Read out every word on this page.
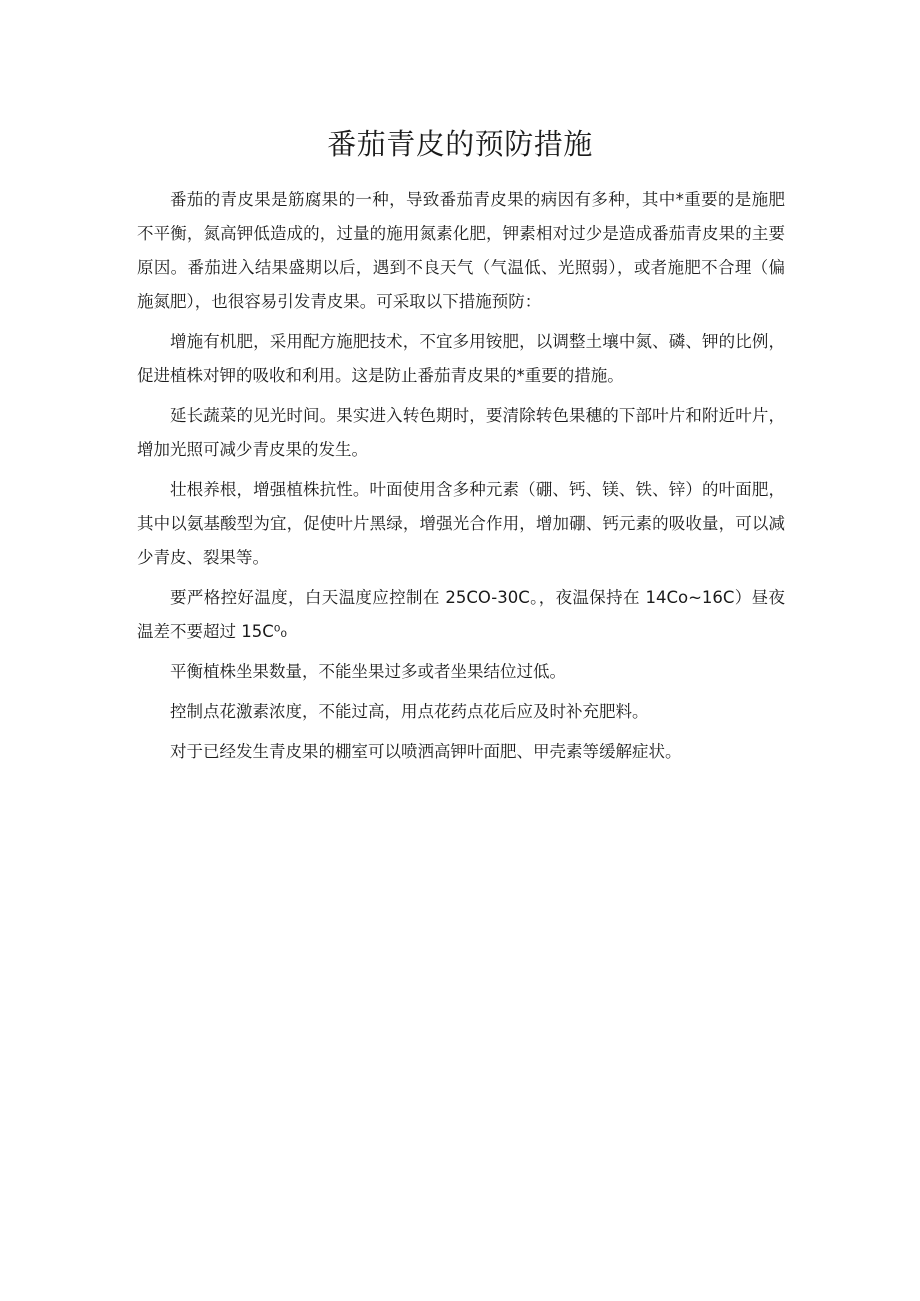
番茄青皮的预防措施

番茄的青皮果是筋腐果的一种，导致番茄青皮果的病因有多种，其中*重要的是施肥不平衡，氮高钾低造成的，过量的施用氮素化肥，钾素相对过少是造成番茄青皮果的主要原因。番茄进入结果盛期以后，遇到不良天气（气温低、光照弱），或者施肥不合理（偏施氮肥），也很容易引发青皮果。可采取以下措施预防：

增施有机肥，采用配方施肥技术，不宜多用铵肥，以调整土壤中氮、磷、钾的比例，促进植株对钾的吸收和利用。这是防止番茄青皮果的*重要的措施。

延长蔬菜的见光时间。果实进入转色期时，要清除转色果穗的下部叶片和附近叶片，增加光照可减少青皮果的发生。

壮根养根，增强植株抗性。叶面使用含多种元素（硼、钙、镁、铁、锌）的叶面肥，其中以氨基酸型为宜，促使叶片黑绿，增强光合作用，增加硼、钙元素的吸收量，可以减少青皮、裂果等。

要严格控好温度，白天温度应控制在 25CO-30C。，夜温保持在 14Co~16C）昼夜温差不要超过 15C⁰₀

平衡植株坐果数量，不能坐果过多或者坐果结位过低。

控制点花激素浓度，不能过高，用点花药点花后应及时补充肥料。

对于已经发生青皮果的棚室可以喷洒高钾叶面肥、甲壳素等缓解症状。
